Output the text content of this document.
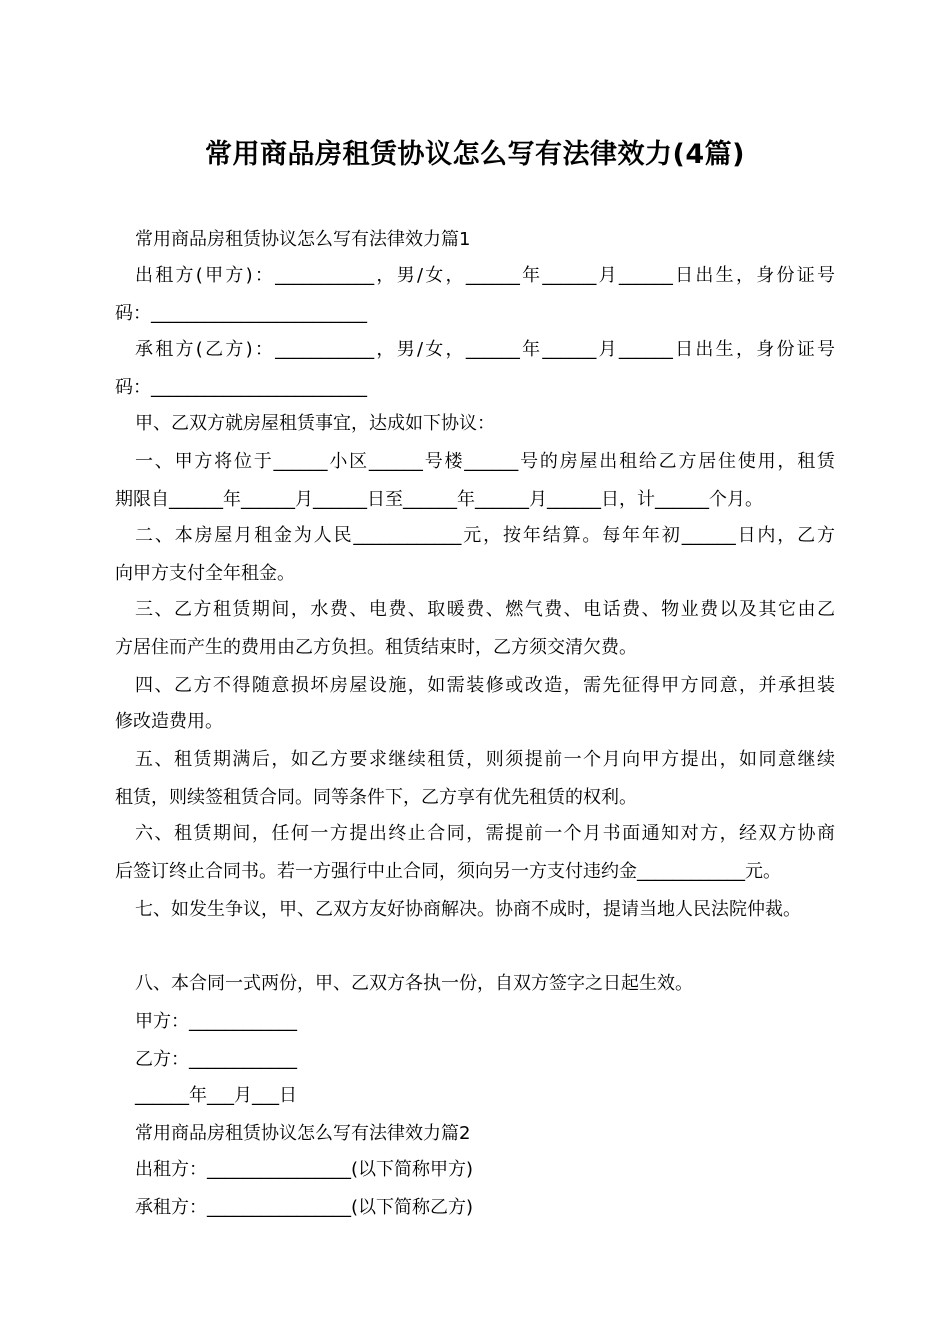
常用商品房租赁协议怎么写有法律效力(4篇)
常用商品房租赁协议怎么写有法律效力篇1
出租方(甲方)：___________，男/女，______年______月______日出生，身份证号
码：________________________
承租方(乙方)：___________，男/女，______年______月______日出生，身份证号
码：________________________
甲、乙双方就房屋租赁事宜，达成如下协议：
一、甲方将位于______小区______号楼______号的房屋出租给乙方居住使用，租赁
期限自______年______月______日至______年______月______日，计______个月。
二、本房屋月租金为人民____________元，按年结算。每年年初______日内，乙方
向甲方支付全年租金。
三、乙方租赁期间，水费、电费、取暖费、燃气费、电话费、物业费以及其它由乙
方居住而产生的费用由乙方负担。租赁结束时，乙方须交清欠费。
四、乙方不得随意损坏房屋设施，如需装修或改造，需先征得甲方同意，并承担装
修改造费用。
五、租赁期满后，如乙方要求继续租赁，则须提前一个月向甲方提出，如同意继续
租赁，则续签租赁合同。同等条件下，乙方享有优先租赁的权利。
六、租赁期间，任何一方提出终止合同，需提前一个月书面通知对方，经双方协商
后签订终止合同书。若一方强行中止合同，须向另一方支付违约金____________元。
七、如发生争议，甲、乙双方友好协商解决。协商不成时，提请当地人民法院仲裁。
八、本合同一式两份，甲、乙双方各执一份，自双方签字之日起生效。
甲方：____________
乙方：____________
______年___月___日
常用商品房租赁协议怎么写有法律效力篇2
出租方：________________(以下简称甲方)
承租方：________________(以下简称乙方)
